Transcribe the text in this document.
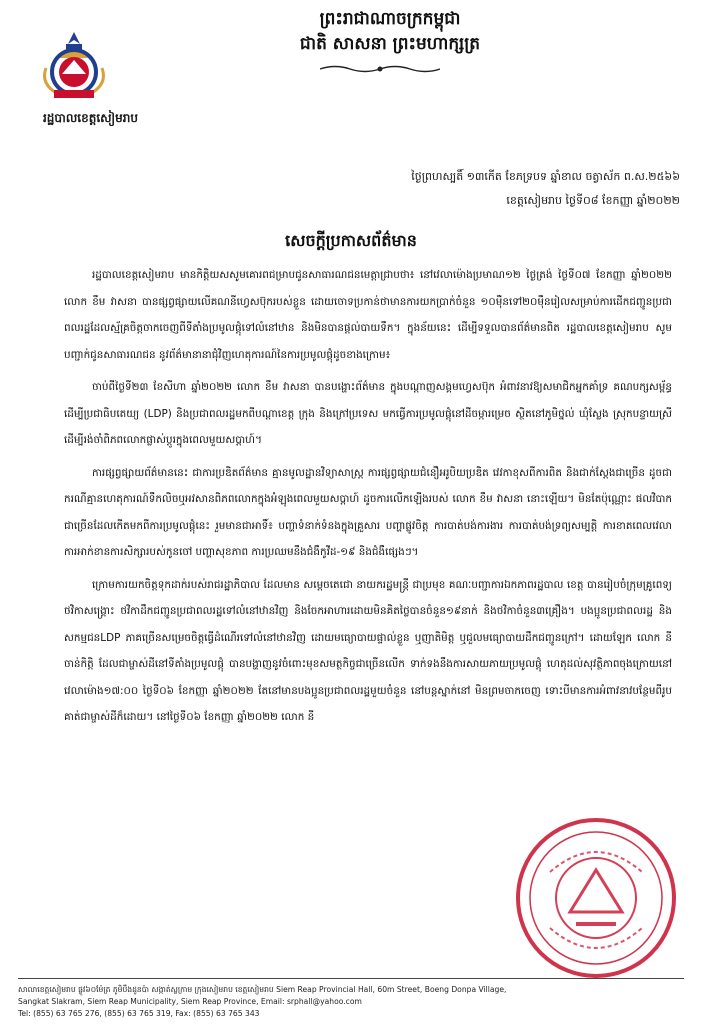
រដ្ឋបាលខេត្តសៀមរាប
ព្រះរាជាណាចក្រកម្ពុជា
ជាតិ សាសនា ព្រះមហាក្សត្រ
ថ្ងៃព្រហស្បតិ៍ ១៣កើត ខែភទ្របទ ឆ្នាំខាល ចត្វាស័ក ព.ស.២៥៦៦
ខេត្តសៀមរាប ថ្ងៃទី០៨ ខែកញ្ញា ឆ្នាំ២០២២
សេចក្តីប្រកាសព័ត៌មាន

រដ្ឋបាលខេត្តសៀមរាប មានកិត្តិយសសូមគោរពជម្រាបជូនសាធារណជនមេត្តាជ្រាបថា៖ នៅវេលាម៉ោងប្រមាណ១២ ថ្ងៃត្រង់ ថ្ងៃទី០៧ ខែកញ្ញា ឆ្នាំ២០២២ លោក ខឹម វាសនា បានផ្សព្វផ្សាយលើគណនីហ្វេសប៊ុករបស់ខ្លួន ដោយចោទប្រកាន់ថាមានការយកប្រាក់ចំនួន ១០ម៉ឺនទៅ២០ម៉ឺនរៀលសម្រាប់ការដើកជញ្ជូនប្រជាពលរដ្ឋដែលស្ម័គ្រចិត្តចាកចេញពីទីតាំងប្រមូលផ្តុំទៅលំនៅឋាន និងមិនបានផ្តល់បាយទឹក។ ក្នុងន័យនេះ ដើម្បីទទួលបានព័ត៌មានពិត រដ្ឋបាលខេត្តសៀមរាប សូមបញ្ជាក់ជូនសាធារណជន នូវព័ត៌មានានាជុំវិញហេតុការណ៍នៃការប្រមូលផ្តុំដូចខាងក្រោម៖

ចាប់ពីថ្ងៃទី២៣ ខែសីហា ឆ្នាំ២០២២ លោក ខឹម វាសនា បានបង្ហោះព័ត៌មាន ក្នុងបណ្តាញសង្គមហ្វេសប៊ុក អំពាវនាវឱ្យសមាជិកអ្នកគាំទ្រ គណបក្សសម្ព័ន្ធដើម្បីប្រជាធិបតេយ្យ (LDP) និងប្រជាពលរដ្ឋមកពីបណ្តាខេត្ត ក្រុង និងក្រៅប្រទេស មកធ្វើការប្រមូលផ្តុំនៅដីចម្ការម្រេច ស្ថិតនៅភូមិថ្នល់ ឃុំស្លែង ស្រុកបន្ទាយស្រី ដើម្បីរង់ចាំពិភពលោកផ្លាស់ប្តូរក្នុងពេលមួយសប្តាហ៍។

ការផ្សព្វផ្សាយព័ត៌មាននេះ ជាការប្រឌិតព័ត៌មាន គ្មានមូលដ្ឋានវិទ្យាសាស្ត្រ ការផ្សព្វផ្សាយជំនឿអរូបិយប្រឌិត វេវកាខុសពីការពិត និងជាក់ស្តែងជាច្រើន ដូចជាករណីគ្មានហេតុការណ៍ទឹកលិចឬអវសានពិភពលោកក្នុងអំឡុងពេលមួយសប្តាហ៍ ដូចការលើកឡើងរបស់ លោក ខឹម វាសនា នោះឡើយ។ មិនតែប៉ុណ្ណោះ ផលវិបាកជាច្រើនដែលកើតមកពីការប្រមូលផ្តុំនេះ រួមមានជាអាទិ៍៖ បញ្ហាទំនាក់ទំនងក្នុងគ្រួសារ បញ្ហាផ្លូវចិត្ត ការបាត់បង់ការងារ ការបាត់បង់ទ្រព្យសម្បត្តិ ការខាតពេលវេលា ការអាក់ខានការសិក្សារបស់កូនចៅ បញ្ហាសុខភាព ការប្រឈមនឹងជំងឺកូវីដ-១៩ និងជំងឺផ្សេងៗ។

ក្រោមការយកចិត្តទុកដាក់របស់រាជរដ្ឋាភិបាល ដែលមាន សម្តេចតេជោ នាយករដ្ឋមន្ត្រី ជាប្រមុខ គណៈបញ្ជាការឯកភាពរដ្ឋបាល ខេត្ត បានរៀបចំក្រុមគ្រូពេទ្យ ថវិកាសង្គ្រោះ ថវិកាដឹកជញ្ជូនប្រជាពលរដ្ឋទៅលំនៅឋានវិញ និងចែកអាហារដោយមិនគិតថ្លៃបានចំនួន១៩នាក់ និងថវិកាចំនួន៣គ្រឿង។ បងប្អូនប្រជាពលរដ្ឋ និងសកម្មជនLDP ភាគច្រើនសម្រេចចិត្តធ្វើដំណើរទៅលំនៅឋានវិញ ដោយមធ្យោបាយផ្ទាល់ខ្លួន ឬញាតិមិត្ត ឬជួលមធ្យោបាយដឹកជញ្ជូនក្រៅ។ ដោយឡែក លោក នី ចាន់កិត្តិ ដែលជាម្ចាស់ដីនៅទីតាំងប្រមូលផ្តុំ បានបង្ហាញនូវចំពោះមុខសមត្ថកិច្ចជាច្រើនលើក ទាក់ទងនឹងការសាយភាយប្រមូលផ្តុំ ហេតុដល់សុវត្ថិភាពចុងក្រោយនៅវេលាម៉ោង១៧:០០ ថ្ងៃទី០៦ ខែកញ្ញា ឆ្នាំ២០២២ តែនៅមានបងប្អូនប្រជាពលរដ្ឋមួយចំនួន នៅបន្តស្នាក់នៅ មិនព្រមចាកចេញ ទោះបីមានការអំពាវនាវបន្ថែមពីរូបគាត់ជាម្ចាស់ដីក៏ដោយ។ នៅថ្ងៃទី០៦ ខែកញ្ញា ឆ្នាំ២០២២ លោក នី

សាលាខេត្តសៀមរាប ផ្លូវ៦០ម៉ែត្រ ភូមិបឹងដូនប៉ា សង្កាត់ស្លក្រាម ក្រុងសៀមរាប ខេត្តសៀមរាប Siem Reap Provincial Hall, 60m Street, Boeng Donpa Village,
Sangkat Slakram, Siem Reap Municipality, Siem Reap Province, Email: srphall@yahoo.com
Tel: (855) 63 765 276, (855) 63 765 319, Fax: (855) 63 765 343
